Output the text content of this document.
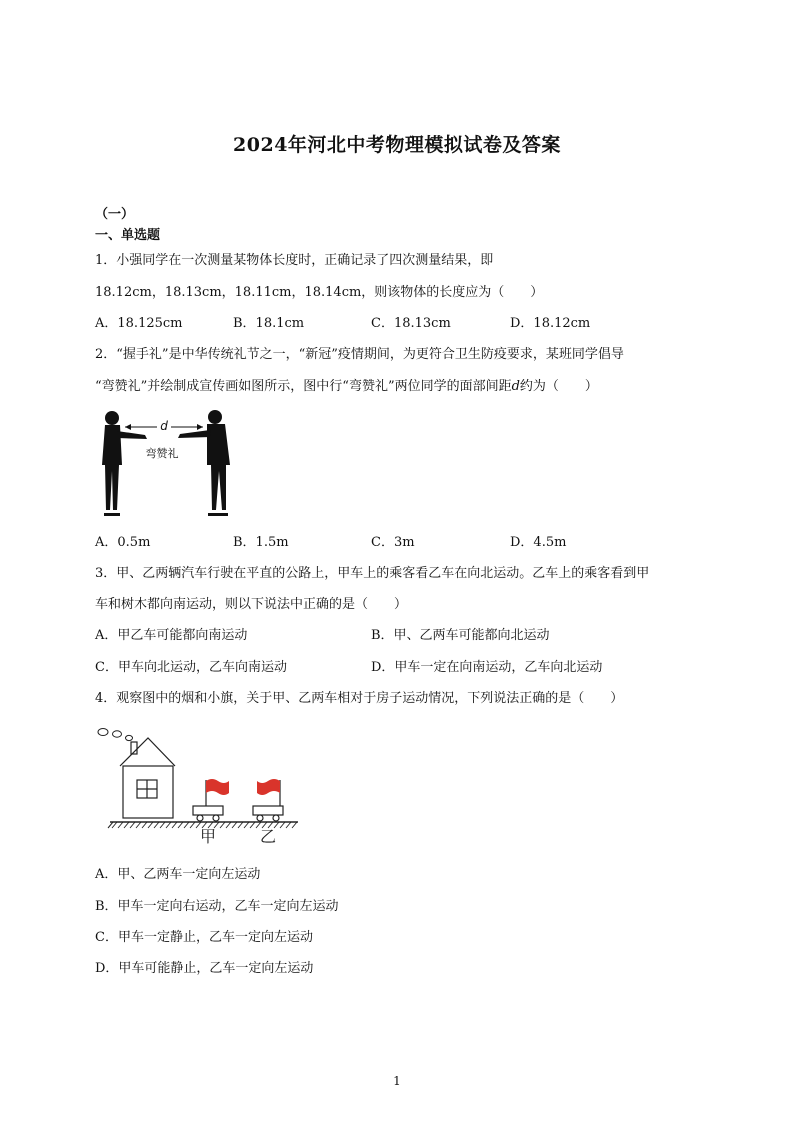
2024年河北中考物理模拟试卷及答案
（一）
一、单选题
1．小强同学在一次测量某物体长度时，正确记录了四次测量结果，即
18.12cm，18.13cm，18.11cm，18.14cm，则该物体的长度应为（　　）
A．18.125cm	B．18.1cm	C．18.13cm	D．18.12cm
2．“握手礼”是中华传统礼节之一，“新冠”疫情期间，为更符合卫生防疫要求，某班同学倡导
“弯赞礼”并绘制成宣传画如图所示，图中行“弯赞礼”两位同学的面部间距d约为（　　）
d
弯赞礼
A．0.5m	B．1.5m	C．3m	D．4.5m
3．甲、乙两辆汽车行驶在平直的公路上，甲车上的乘客看乙车在向北运动。乙车上的乘客看到甲
车和树木都向南运动，则以下说法中正确的是（　　）
A．甲乙车可能都向南运动	B．甲、乙两车可能都向北运动
C．甲车向北运动，乙车向南运动	D．甲车一定在向南运动，乙车向北运动
4．观察图中的烟和小旗，关于甲、乙两车相对于房子运动情况，下列说法正确的是（　　）
甲	乙
A．甲、乙两车一定向左运动
B．甲车一定向右运动，乙车一定向左运动
C．甲车一定静止，乙车一定向左运动
D．甲车可能静止，乙车一定向左运动
1
